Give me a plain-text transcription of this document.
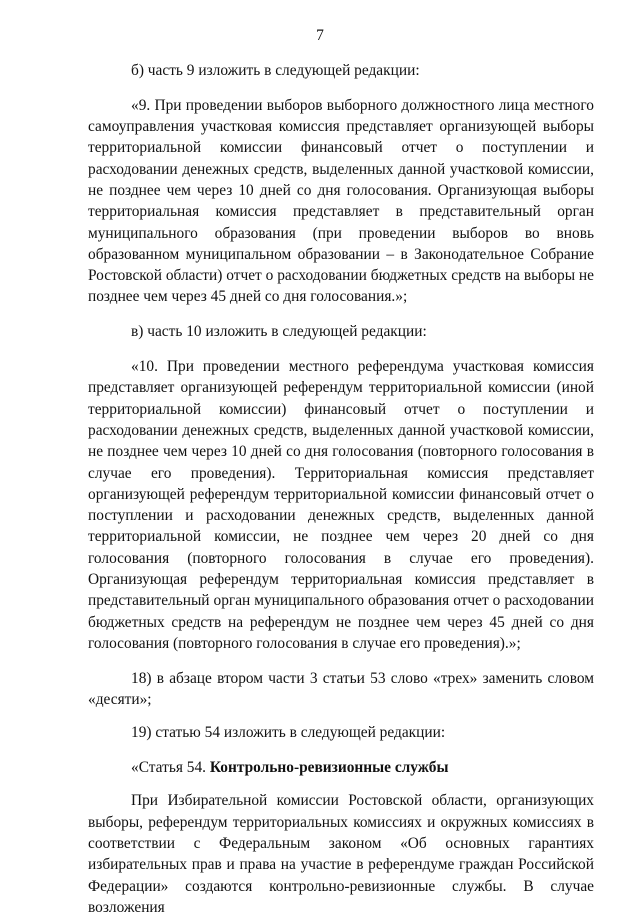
7

б) часть 9 изложить в следующей редакции:

«9. При проведении выборов выборного должностного лица местного самоуправления участковая комиссия представляет организующей выборы территориальной комиссии финансовый отчет о поступлении и расходовании денежных средств, выделенных данной участковой комиссии, не позднее чем через 10 дней со дня голосования. Организующая выборы территориальная комиссия представляет в представительный орган муниципального образования (при проведении выборов во вновь образованном муниципальном образовании – в Законодательное Собрание Ростовской области) отчет о расходовании бюджетных средств на выборы не позднее чем через 45 дней со дня голосования.»;

в) часть 10 изложить в следующей редакции:

«10. При проведении местного референдума участковая комиссия представляет организующей референдум территориальной комиссии (иной территориальной комиссии) финансовый отчет о поступлении и расходовании денежных средств, выделенных данной участковой комиссии, не позднее чем через 10 дней со дня голосования (повторного голосования в случае его проведения). Территориальная комиссия представляет организующей референдум территориальной комиссии финансовый отчет о поступлении и расходовании денежных средств, выделенных данной территориальной комиссии, не позднее чем через 20 дней со дня голосования (повторного голосования в случае его проведения). Организующая референдум территориальная комиссия представляет в представительный орган муниципального образования отчет о расходовании бюджетных средств на референдум не позднее чем через 45 дней со дня голосования (повторного голосования в случае его проведения).»;

18) в абзаце втором части 3 статьи 53 слово «трех» заменить словом «десяти»;

19) статью 54 изложить в следующей редакции:

«Статья 54. Контрольно-ревизионные службы

При Избирательной комиссии Ростовской области, организующих выборы, референдум территориальных комиссиях и окружных комиссиях в соответствии с Федеральным законом «Об основных гарантиях избирательных прав и права на участие в референдуме граждан Российской Федерации» создаются контрольно-ревизионные службы. В случае возложения
